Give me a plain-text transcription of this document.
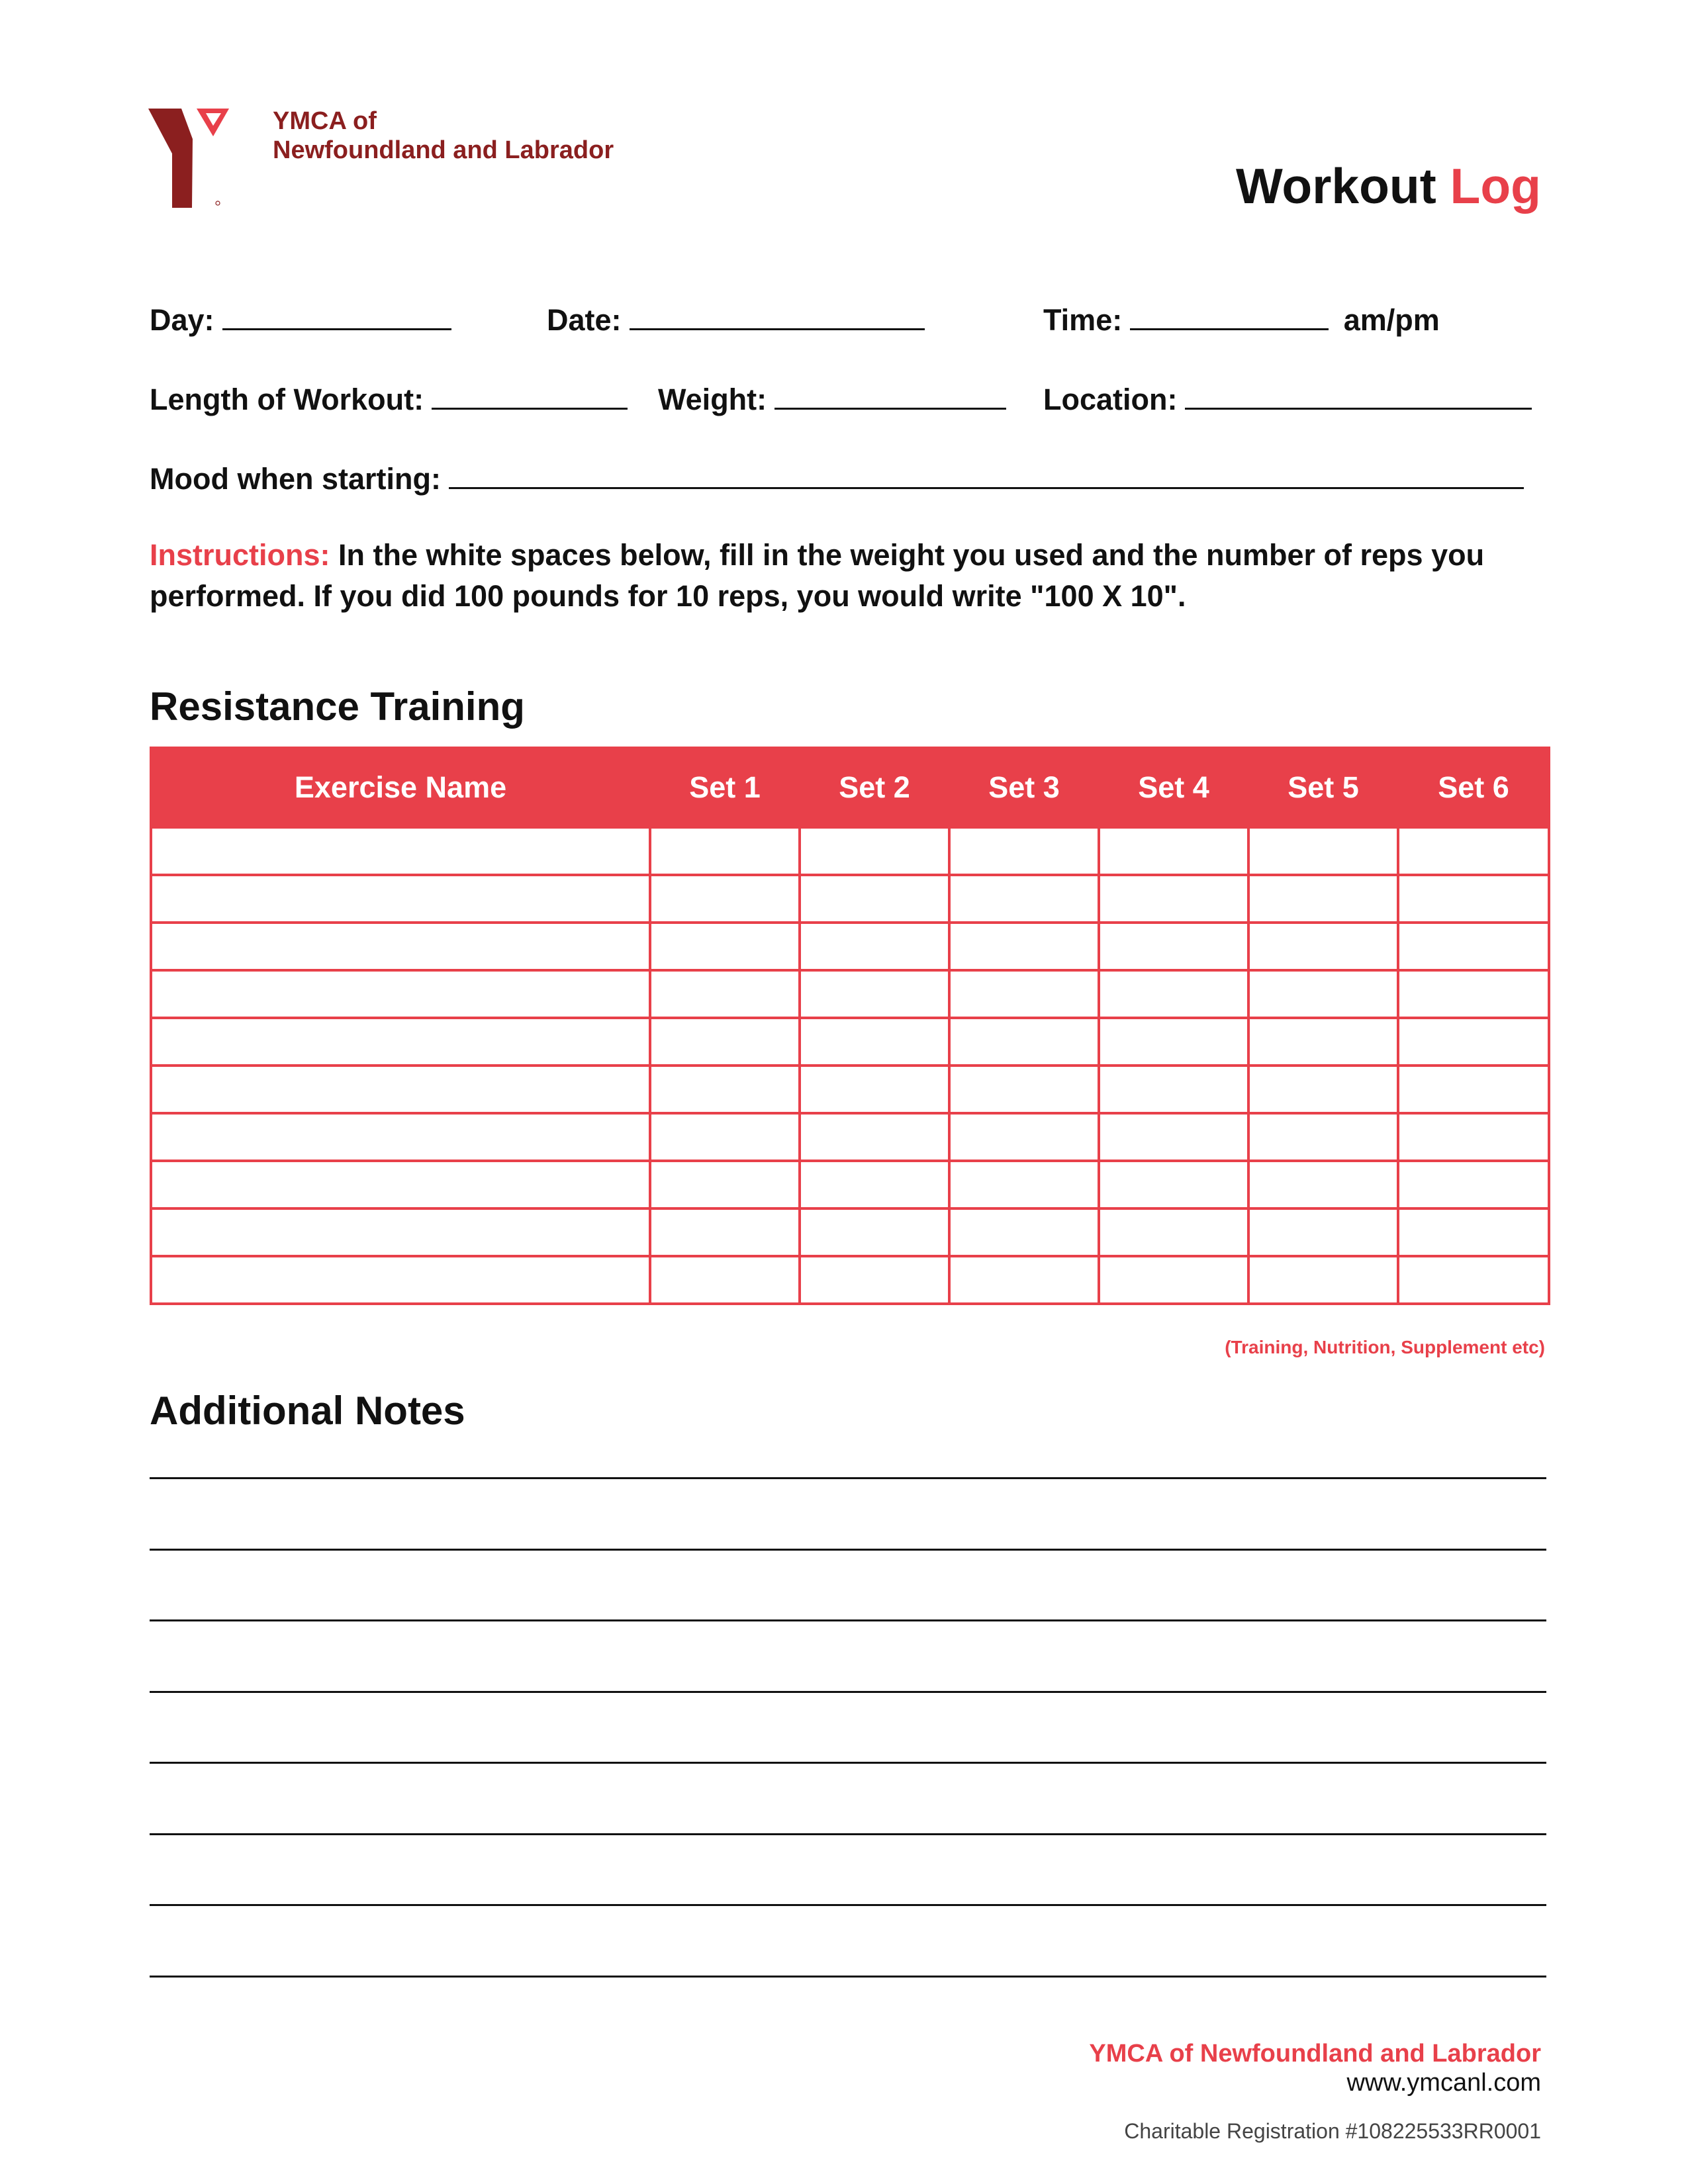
YMCA of
Newfoundland and Labrador
Workout Log
Day:	Date:	Time:	am/pm
Length of Workout:	Weight:	Location:
Mood when starting:
Instructions: In the white spaces below, fill in the weight you used and the number of reps you performed. If you did 100 pounds for 10 reps, you would write "100 X 10".
Resistance Training
Exercise Name	Set 1	Set 2	Set 3	Set 4	Set 5	Set 6

(Training, Nutrition, Supplement etc)
Additional Notes
YMCA of Newfoundland and Labrador
www.ymcanl.com
Charitable Registration #108225533RR0001
